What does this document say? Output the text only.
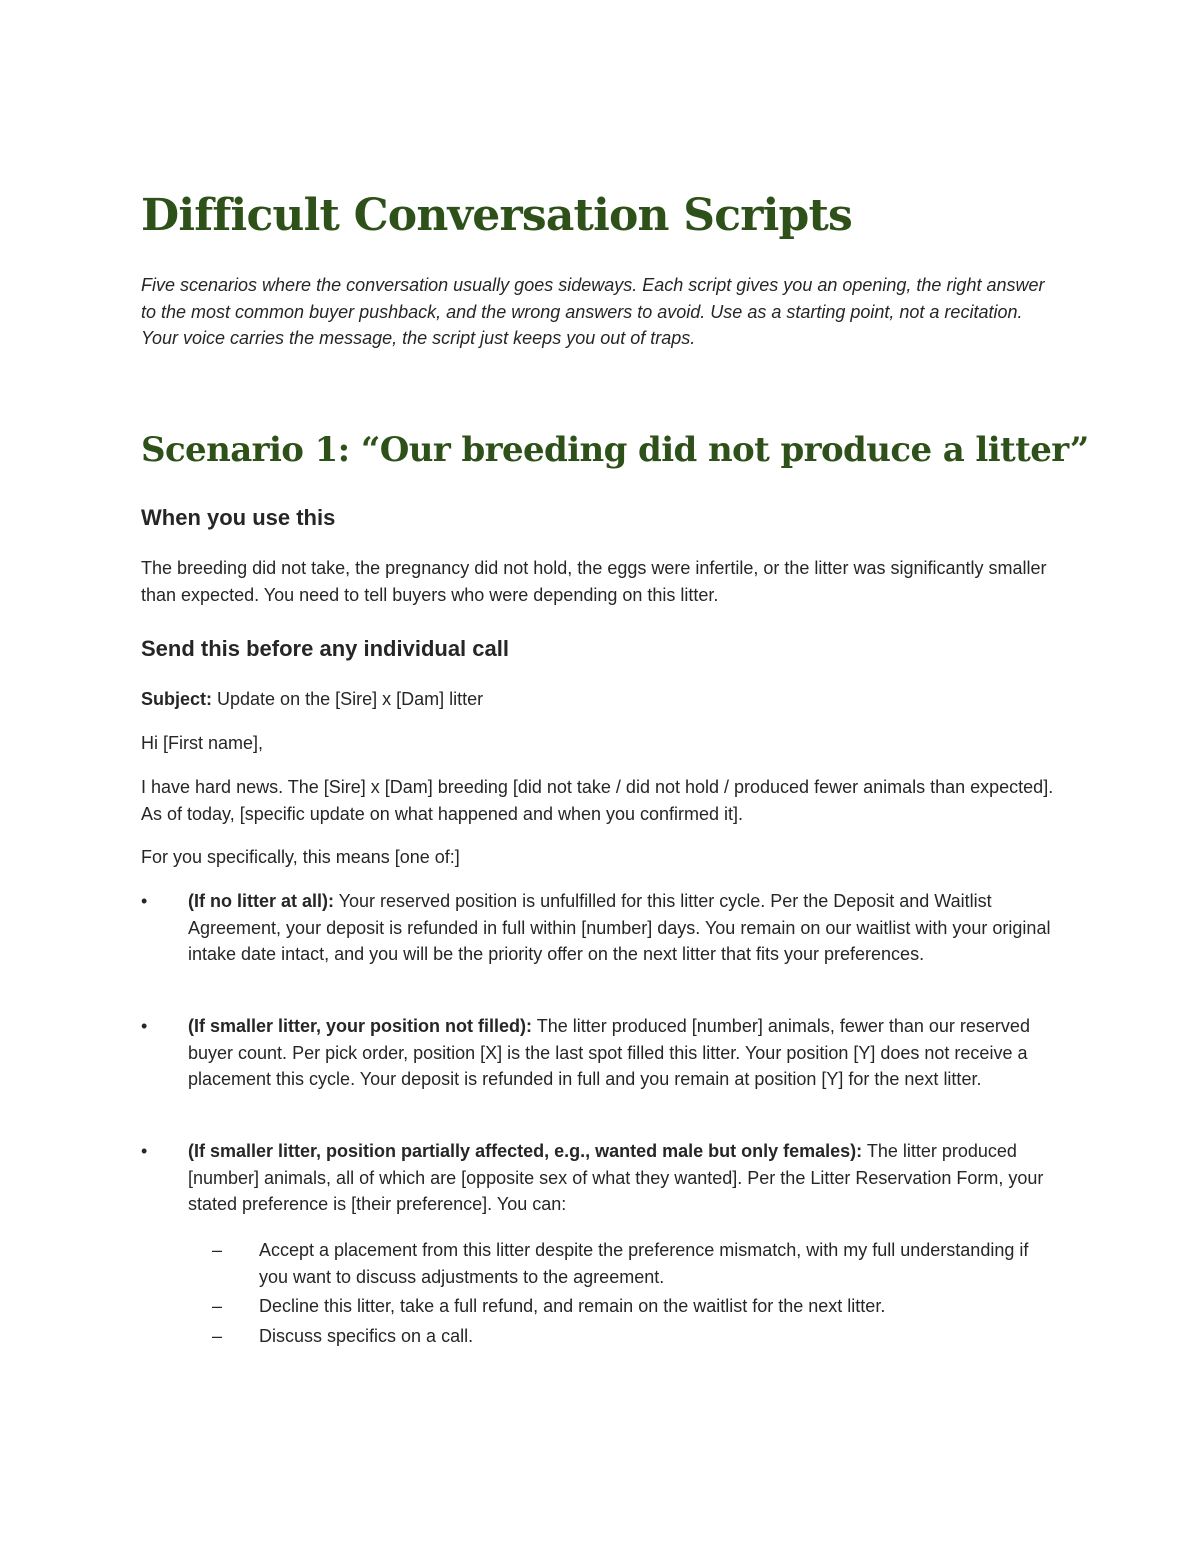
Difficult Conversation Scripts

Five scenarios where the conversation usually goes sideways. Each script gives you an opening, the right answer to the most common buyer pushback, and the wrong answers to avoid. Use as a starting point, not a recitation. Your voice carries the message, the script just keeps you out of traps.

Scenario 1: “Our breeding did not produce a litter”
When you use this

The breeding did not take, the pregnancy did not hold, the eggs were infertile, or the litter was significantly smaller than expected. You need to tell buyers who were depending on this litter.

Send this before any individual call

Subject: Update on the [Sire] x [Dam] litter

Hi [First name],

I have hard news. The [Sire] x [Dam] breeding [did not take / did not hold / produced fewer animals than expected]. As of today, [specific update on what happened and when you confirmed it].

For you specifically, this means [one of:]

• (If no litter at all): Your reserved position is unfulfilled for this litter cycle. Per the Deposit and Waitlist Agreement, your deposit is refunded in full within [number] days. You remain on our waitlist with your original intake date intact, and you will be the priority offer on the next litter that fits your preferences.

• (If smaller litter, your position not filled): The litter produced [number] animals, fewer than our reserved buyer count. Per pick order, position [X] is the last spot filled this litter. Your position [Y] does not receive a placement this cycle. Your deposit is refunded in full and you remain at position [Y] for the next litter.

• (If smaller litter, position partially affected, e.g., wanted male but only females): The litter produced [number] animals, all of which are [opposite sex of what they wanted]. Per the Litter Reservation Form, your stated preference is [their preference]. You can:

– Accept a placement from this litter despite the preference mismatch, with my full understanding if you want to discuss adjustments to the agreement.

– Decline this litter, take a full refund, and remain on the waitlist for the next litter.

– Discuss specifics on a call.
